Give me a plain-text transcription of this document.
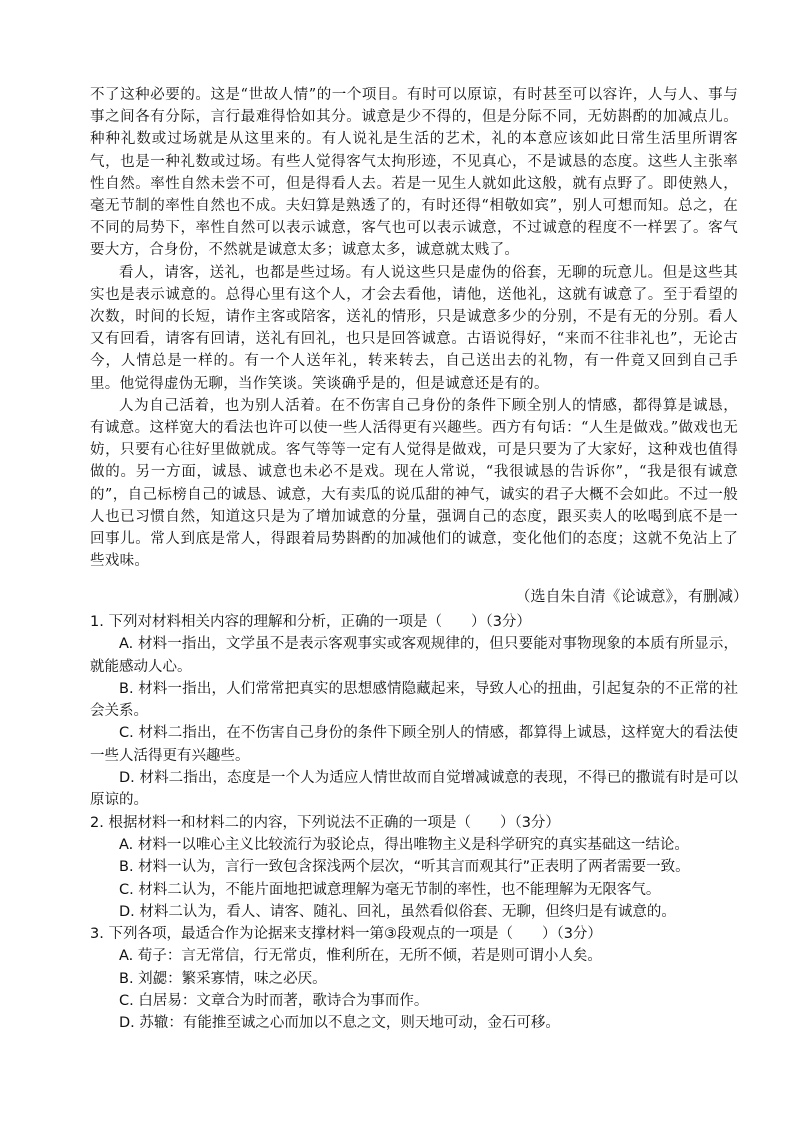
不了这种必要的。这是“世故人情”的一个项目。有时可以原谅，有时甚至可以容许，人与人、事与事之间各有分际，言行最难得恰如其分。诚意是少不得的，但是分际不同，无妨斟酌的加减点儿。种种礼数或过场就是从这里来的。有人说礼是生活的艺术，礼的本意应该如此日常生活里所谓客气，也是一种礼数或过场。有些人觉得客气太拘形迹，不见真心，不是诚恳的态度。这些人主张率性自然。率性自然未尝不可，但是得看人去。若是一见生人就如此这般，就有点野了。即使熟人，毫无节制的率性自然也不成。夫妇算是熟透了的，有时还得“相敬如宾”，别人可想而知。总之，在不同的局势下，率性自然可以表示诚意，客气也可以表示诚意，不过诚意的程度不一样罢了。客气要大方，合身份，不然就是诚意太多；诚意太多，诚意就太贱了。

看人，请客，送礼，也都是些过场。有人说这些只是虚伪的俗套，无聊的玩意儿。但是这些其实也是表示诚意的。总得心里有这个人，才会去看他，请他，送他礼，这就有诚意了。至于看望的次数，时间的长短，请作主客或陪客，送礼的情形，只是诚意多少的分别，不是有无的分别。看人又有回看，请客有回请，送礼有回礼，也只是回答诚意。古语说得好，“来而不往非礼也”，无论古今，人情总是一样的。有一个人送年礼，转来转去，自己送出去的礼物，有一件竟又回到自己手里。他觉得虚伪无聊，当作笑谈。笑谈确乎是的，但是诚意还是有的。

人为自己活着，也为别人活着。在不伤害自己身份的条件下顾全别人的情感，都得算是诚恳，有诚意。这样宽大的看法也许可以使一些人活得更有兴趣些。西方有句话：“人生是做戏。”做戏也无妨，只要有心往好里做就成。客气等等一定有人觉得是做戏，可是只要为了大家好，这种戏也值得做的。另一方面，诚恳、诚意也未必不是戏。现在人常说，“我很诚恳的告诉你”，“我是很有诚意的”，自己标榜自己的诚恳、诚意，大有卖瓜的说瓜甜的神气，诚实的君子大概不会如此。不过一般人也已习惯自然，知道这只是为了增加诚意的分量，强调自己的态度，跟买卖人的吆喝到底不是一回事儿。常人到底是常人，得跟着局势斟酌的加减他们的诚意，变化他们的态度；这就不免沾上了些戏味。

（选自朱自清《论诚意》，有删减）

1. 下列对材料相关内容的理解和分析，正确的一项是（　　）（3分）

A. 材料一指出，文学虽不是表示客观事实或客观规律的，但只要能对事物现象的本质有所显示，就能感动人心。

B. 材料一指出，人们常常把真实的思想感情隐藏起来，导致人心的扭曲，引起复杂的不正常的社会关系。

C. 材料二指出，在不伤害自己身份的条件下顾全别人的情感，都算得上诚恳，这样宽大的看法使一些人活得更有兴趣些。

D. 材料二指出，态度是一个人为适应人情世故而自觉增减诚意的表现，不得已的撒谎有时是可以原谅的。

2. 根据材料一和材料二的内容，下列说法不正确的一项是（　　）（3分）

A. 材料一以唯心主义比较流行为驳论点，得出唯物主义是科学研究的真实基础这一结论。

B. 材料一认为，言行一致包含探浅两个层次，“听其言而观其行”正表明了两者需要一致。

C. 材料二认为，不能片面地把诚意理解为毫无节制的率性，也不能理解为无限客气。

D. 材料二认为，看人、请客、随礼、回礼，虽然看似俗套、无聊，但终归是有诚意的。

3. 下列各项，最适合作为论据来支撑材料一第③段观点的一项是（　　）（3分）

A. 荀子：言无常信，行无常贞，惟利所在，无所不倾，若是则可谓小人矣。

B. 刘勰：繁采寡情，味之必厌。

C. 白居易：文章合为时而著，歌诗合为事而作。

D. 苏辙：有能推至诚之心而加以不息之文，则天地可动，金石可移。
